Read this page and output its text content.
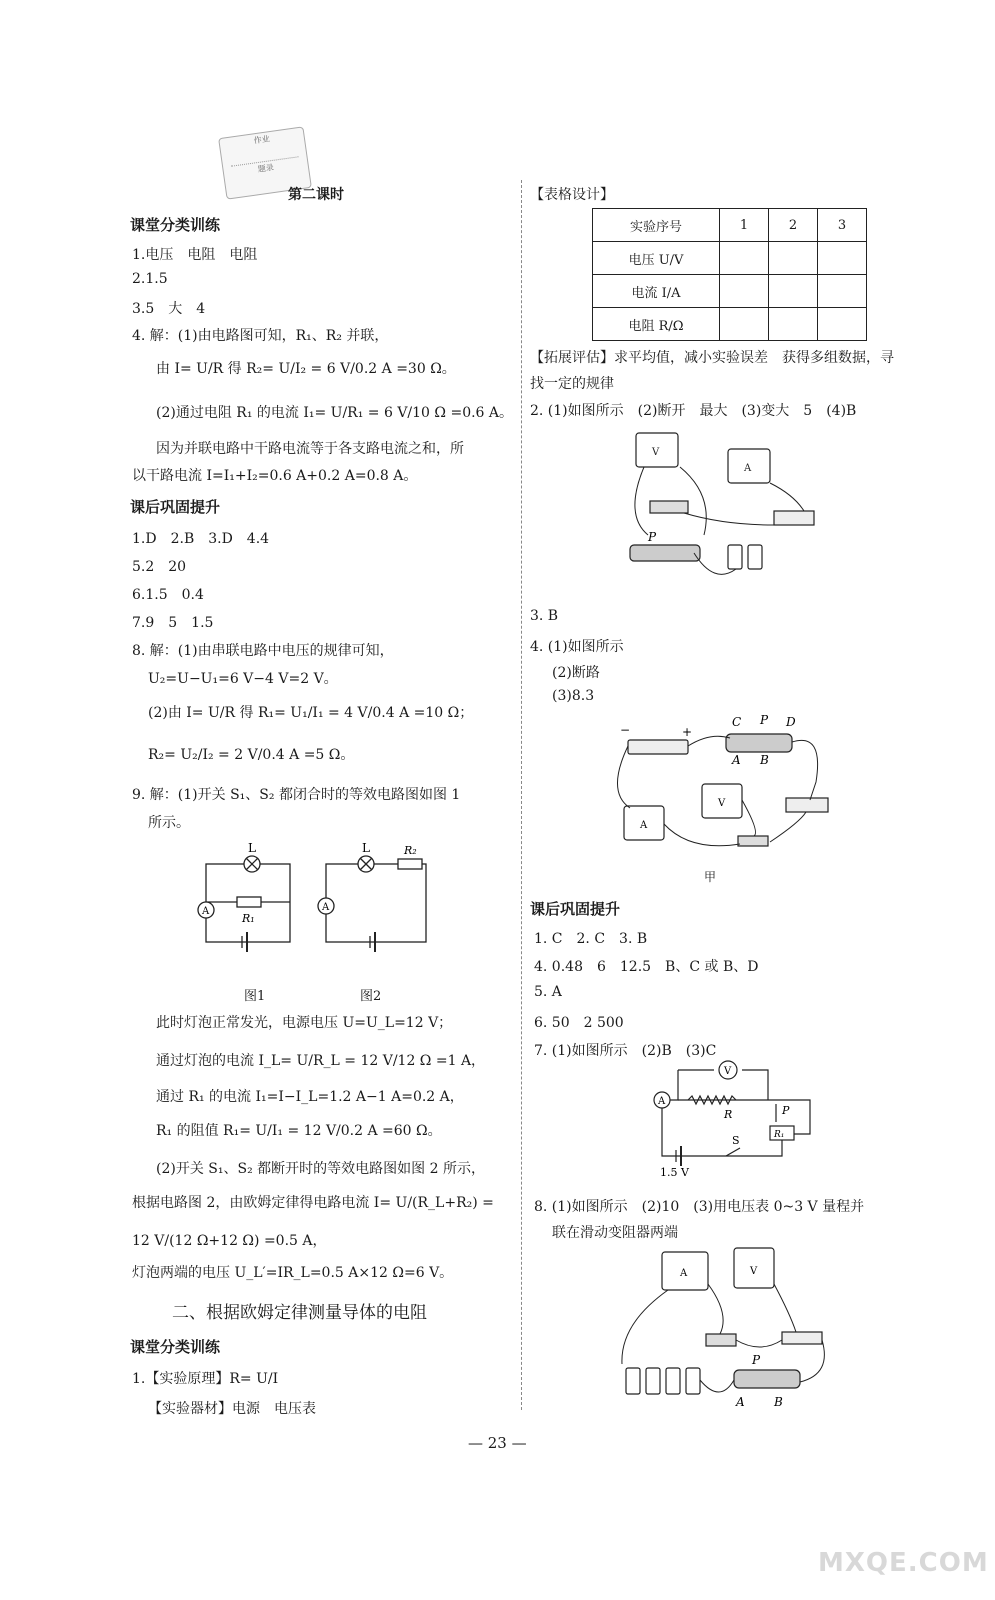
作业
题录
第二课时
课堂分类训练
1.电压　电阻　电阻
2.1.5
3.5　大　4
4. 解：(1)由电路图可知，R₁、R₂ 并联，
由 I= U/R 得 R₂= U/I₂ = 6 V/0.2 A =30 Ω。
(2)通过电阻 R₁ 的电流 I₁= U/R₁ = 6 V/10 Ω =0.6 A。
因为并联电路中干路电流等于各支路电流之和，所
以干路电流 I=I₁+I₂=0.6 A+0.2 A=0.8 A。
课后巩固提升
1.D　2.B　3.D　4.4
5.2　20
6.1.5　0.4
7.9　5　1.5
8. 解：(1)由串联电路中电压的规律可知，
U₂=U−U₁=6 V−4 V=2 V。
(2)由 I= U/R 得 R₁= U₁/I₁ = 4 V/0.4 A =10 Ω；
R₂= U₂/I₂ = 2 V/0.4 A =5 Ω。
9. 解：(1)开关 S₁、S₂ 都闭合时的等效电路图如图 1
所示。
L	L
A	A
R₁
R₂
图1	图2
此时灯泡正常发光，电源电压 U=U_L=12 V；
通过灯泡的电流 I_L= U/R_L = 12 V/12 Ω =1 A，
通过 R₁ 的电流 I₁=I−I_L=1.2 A−1 A=0.2 A，
R₁ 的阻值 R₁= U/I₁ = 12 V/0.2 A =60 Ω。
(2)开关 S₁、S₂ 都断开时的等效电路图如图 2 所示，
根据电路图 2，由欧姆定律得电路电流 I= U/(R_L+R₂) =
12 V/(12 Ω+12 Ω) =0.5 A，
灯泡两端的电压 U_L′=IR_L=0.5 A×12 Ω=6 V。
二、根据欧姆定律测量导体的电阻
课堂分类训练
1.【实验原理】R= U/I
【实验器材】电源　电压表
【表格设计】
实验序号	1	2	3
电压 U/V			
电流 I/A			
电阻 R/Ω			
【拓展评估】求平均值，减小实验误差　获得多组数据，寻
找一定的规律
2. (1)如图所示　(2)断开　最大　(3)变大　5　(4)B
V
A
P
3. B
4. (1)如图所示
(2)断路
(3)8.3
−	+
C P D
A B
A
V
甲
课后巩固提升
1. C　2. C　3. B
4. 0.48　6　12.5　B、C 或 B、D
5. A
6. 50　2 500
7. (1)如图所示　(2)B　(3)C
V
A
R	P
R₁
S
1.5 V
8. (1)如图所示　(2)10　(3)用电压表 0~3 V 量程并
联在滑动变阻器两端
A	V
P
A B
— 23 —
MXQE.COM
